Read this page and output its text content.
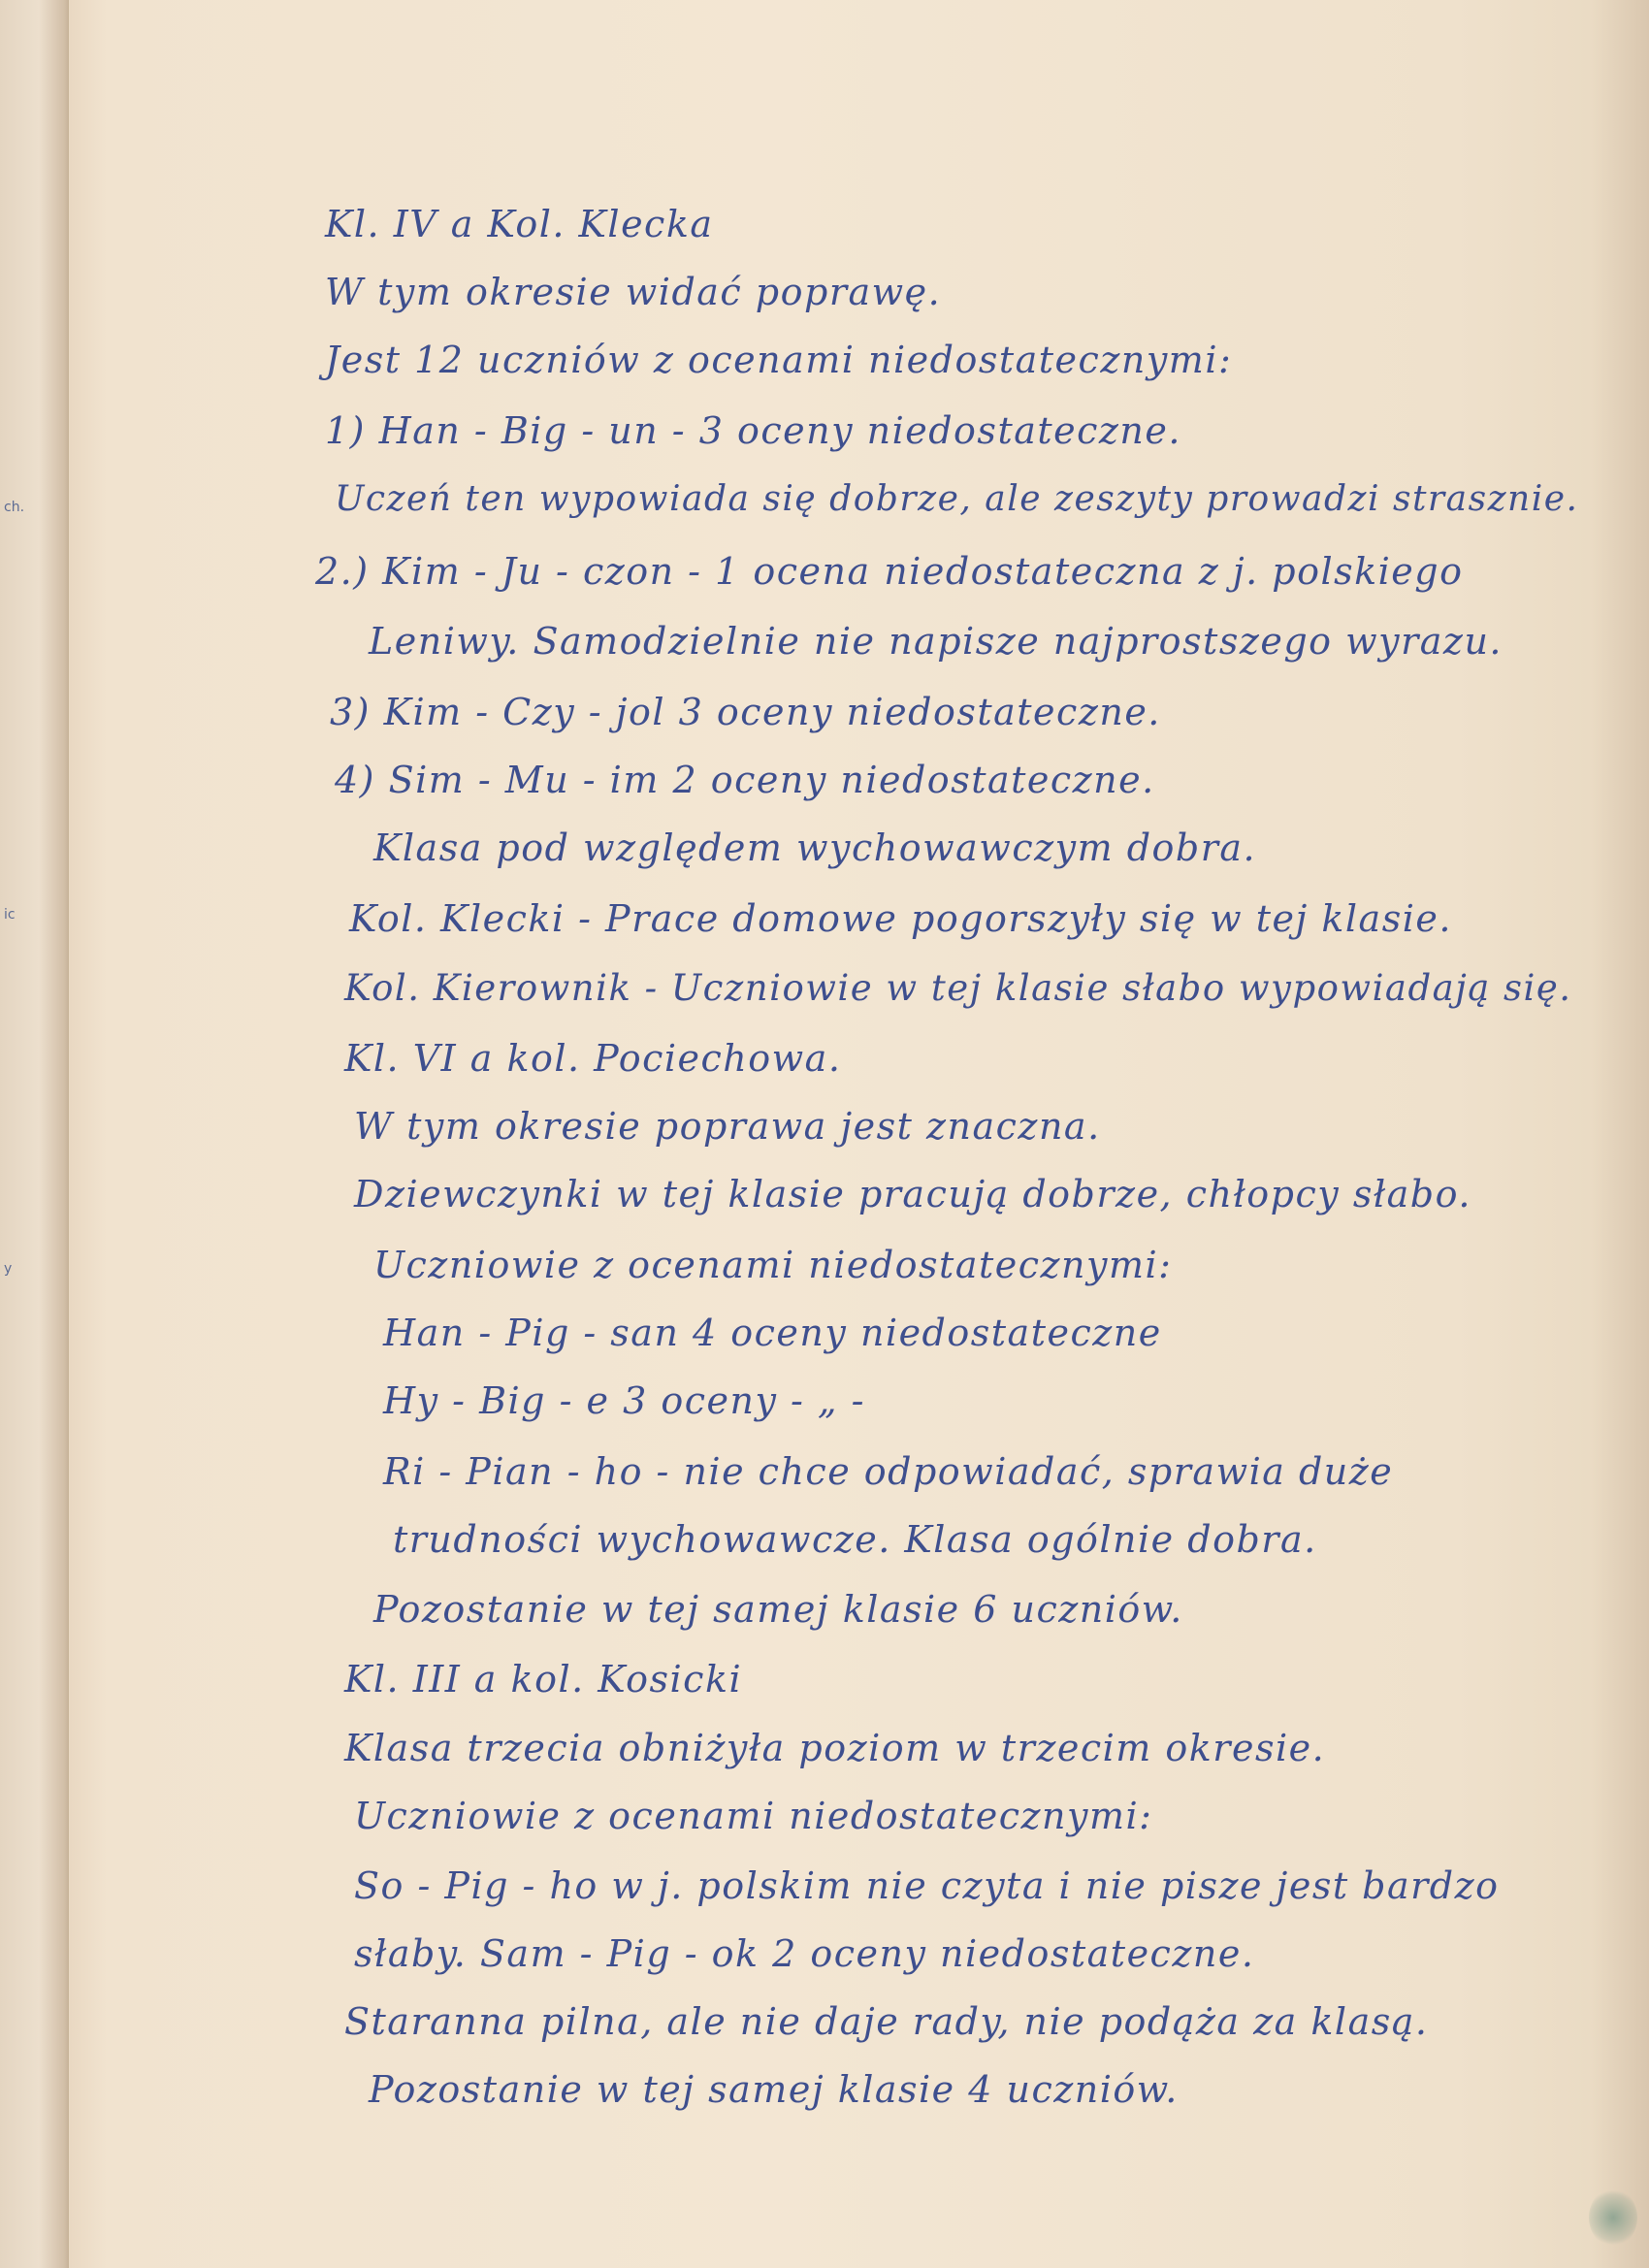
ch.
ic
y
Kl. IV a Kol. Klecka
W tym okresie widać poprawę.
Jest 12 uczniów z ocenami niedostatecznymi:
1) Han - Big - un - 3 oceny niedostateczne.
Uczeń ten wypowiada się dobrze, ale zeszyty prowadzi strasznie.
2.) Kim - Ju - czon - 1 ocena niedostateczna z j. polskiego
Leniwy. Samodzielnie nie napisze najprostszego wyrazu.
3) Kim - Czy - jol 3 oceny niedostateczne.
4) Sim - Mu - im 2 oceny niedostateczne.
Klasa pod względem wychowawczym dobra.
Kol. Klecki - Prace domowe pogorszyły się w tej klasie.
Kol. Kierownik - Uczniowie w tej klasie słabo wypowiadają się.
Kl. VI a kol. Pociechowa.
W tym okresie poprawa jest znaczna.
Dziewczynki w tej klasie pracują dobrze, chłopcy słabo.
Uczniowie z ocenami niedostatecznymi:
Han - Pig - san 4 oceny niedostateczne
Hy - Big - e 3 oceny - „ -
Ri - Pian - ho - nie chce odpowiadać, sprawia duże
trudności wychowawcze. Klasa ogólnie dobra.
Pozostanie w tej samej klasie 6 uczniów.
Kl. III a kol. Kosicki
Klasa trzecia obniżyła poziom w trzecim okresie.
Uczniowie z ocenami niedostatecznymi:
So - Pig - ho w j. polskim nie czyta i nie pisze jest bardzo
słaby. Sam - Pig - ok 2 oceny niedostateczne.
Staranna pilna, ale nie daje rady, nie podąża za klasą.
Pozostanie w tej samej klasie 4 uczniów.
